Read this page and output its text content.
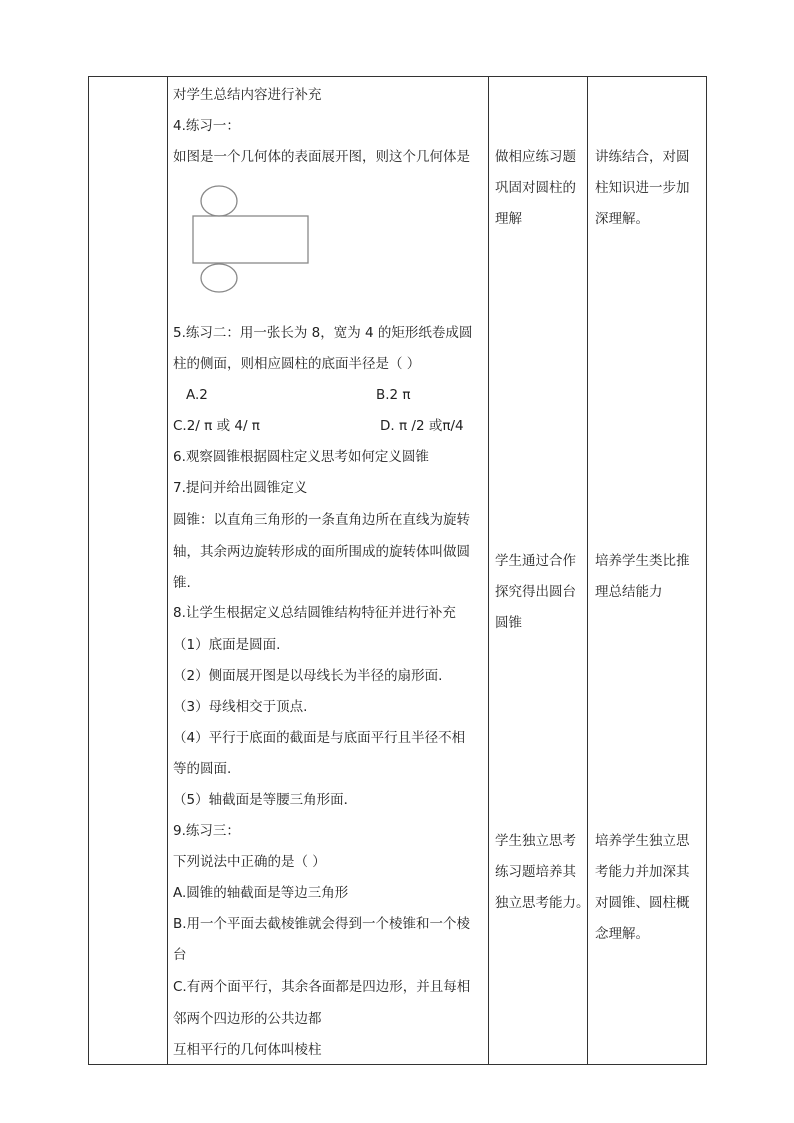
对学生总结内容进行补充
4.练习一：
如图是一个几何体的表面展开图，则这个几何体是
5.练习二：用一张长为 8，宽为 4 的矩形纸卷成圆
柱的侧面，则相应圆柱的底面半径是（ ）
A.2	B.2 π
C.2/ π 或 4/ π	D. π /2 或π/4
6.观察圆锥根据圆柱定义思考如何定义圆锥
7.提问并给出圆锥定义
圆锥：以直角三角形的一条直角边所在直线为旋转
轴，其余两边旋转形成的面所围成的旋转体叫做圆
锥.
8.让学生根据定义总结圆锥结构特征并进行补充
（1）底面是圆面.
（2）侧面展开图是以母线长为半径的扇形面.
（3）母线相交于顶点.
（4）平行于底面的截面是与底面平行且半径不相
等的圆面.
（5）轴截面是等腰三角形面．
9.练习三：
下列说法中正确的是（ ）
A.圆锥的轴截面是等边三角形
B.用一个平面去截棱锥就会得到一个棱锥和一个棱
台
C.有两个面平行，其余各面都是四边形，并且每相
邻两个四边形的公共边都
互相平行的几何体叫棱柱
做相应练习题
巩固对圆柱的
理解
学生通过合作
探究得出圆台
圆锥
学生独立思考
练习题培养其
独立思考能力。
讲练结合，对圆
柱知识进一步加
深理解。
培养学生类比推
理总结能力
培养学生独立思
考能力并加深其
对圆锥、圆柱概
念理解。
